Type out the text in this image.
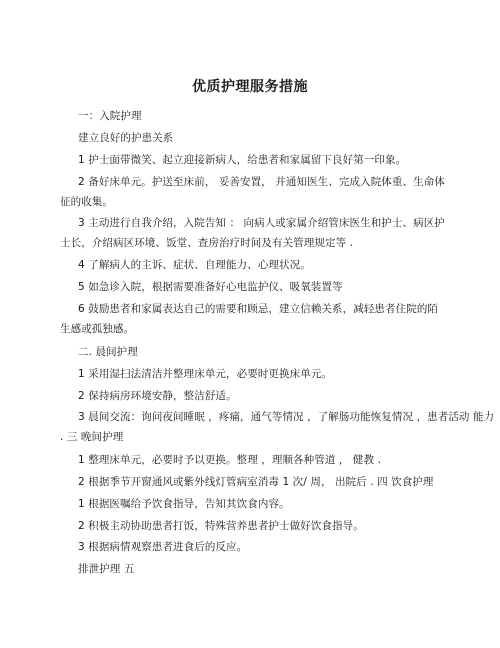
优质护理服务措施
一：入院护理
建立良好的护患关系
1 护士面带微笑、起立迎接新病人，给患者和家属留下良好第一印象。
2 备好床单元。护送至床前， 妥善安置， 并通知医生、完成入院体重、生命体
征的收集。
3 主动进行自我介绍，入院告知 ： 向病人或家属介绍管床医生和护士、病区护
士长，介绍病区环境、饭堂、查房治疗时间及有关管理规定等 .
4 了解病人的主诉、症状、自理能力、心理状况。
5 如急诊入院，根据需要准备好心电监护仪、吸氧装置等
6 鼓励患者和家属表达自己的需要和顾忌，建立信赖关系，减轻患者住院的陌
生感或孤独感。
二. 晨间护理
1 采用湿扫法清洁并整理床单元，必要时更换床单元。
2 保持病房环境安静，整洁舒适。
3 晨间交流：询问夜间睡眠 ，疼痛，通气等情况 ，了解肠功能恢复情况 ，患者活动 能力
. 三 晚间护理
1 整理床单元，必要时予以更换。整理 ，理顺各种管道 ， 健教 .
2 根据季节开窗通风或紫外线灯管病室消毒 1 次/ 周， 出院后 . 四 饮食护理
1 根据医嘱给予饮食指导，告知其饮食内容。
2 积极主动协助患者打饭，特殊营养患者护士做好饮食指导。
3 根据病情观察患者进食后的反应。
排泄护理 五
